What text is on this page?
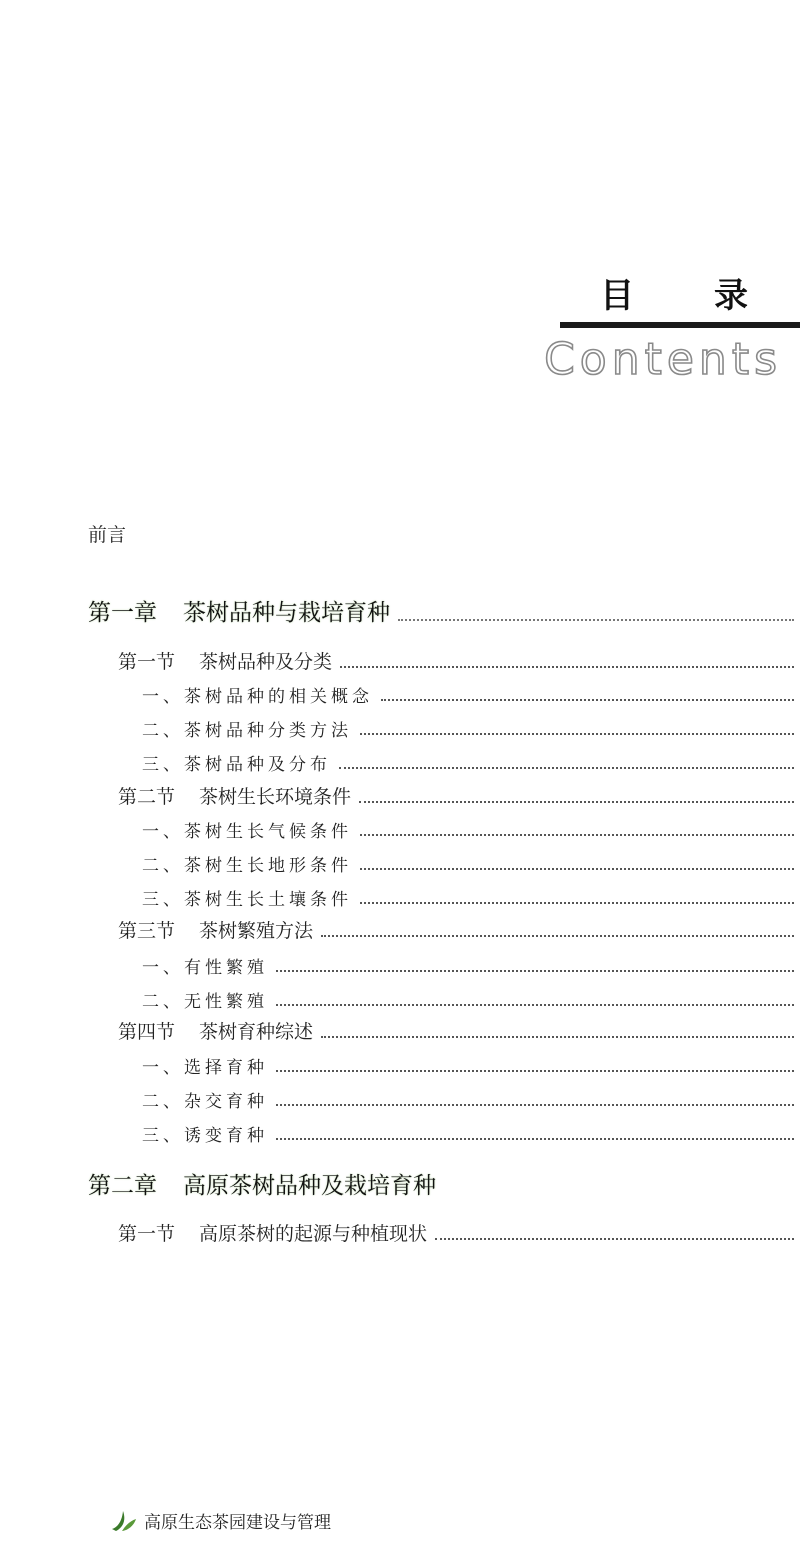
目 录
Contents
前言
第一章 茶树品种与栽培育种
第一节 茶树品种及分类
一、茶树品种的相关概念
二、茶树品种分类方法
三、茶树品种及分布
第二节 茶树生长环境条件
一、茶树生长气候条件
二、茶树生长地形条件
三、茶树生长土壤条件
第三节 茶树繁殖方法
一、有性繁殖
二、无性繁殖
第四节 茶树育种综述
一、选择育种
二、杂交育种
三、诱变育种
第二章 高原茶树品种及栽培育种
第一节 高原茶树的起源与种植现状
高原生态茶园建设与管理
